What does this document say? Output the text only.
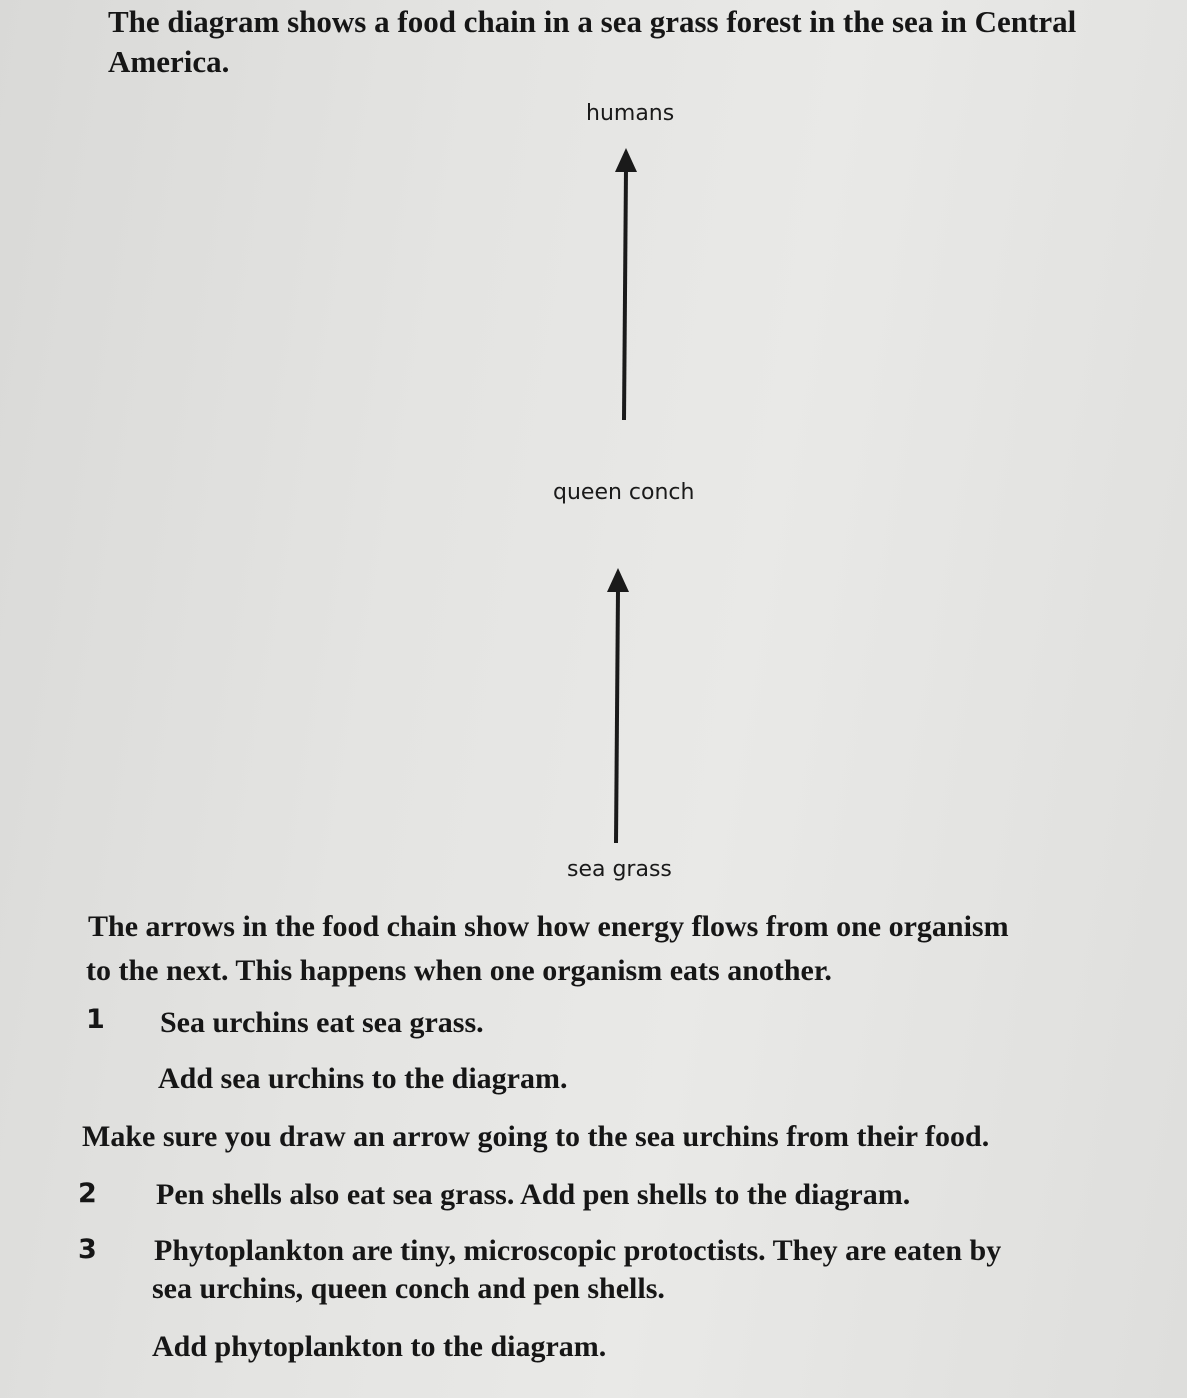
The diagram shows a food chain in a sea grass forest in the sea in Central America.

humans
queen conch
sea grass

The arrows in the food chain show how energy flows from one organism

to the next. This happens when one organism eats another.

1 Sea urchins eat sea grass.

Add sea urchins to the diagram.

Make sure you draw an arrow going to the sea urchins from their food.

2 Pen shells also eat sea grass. Add pen shells to the diagram.

3 Phytoplankton are tiny, microscopic protoctists. They are eaten by

sea urchins, queen conch and pen shells.

Add phytoplankton to the diagram.
